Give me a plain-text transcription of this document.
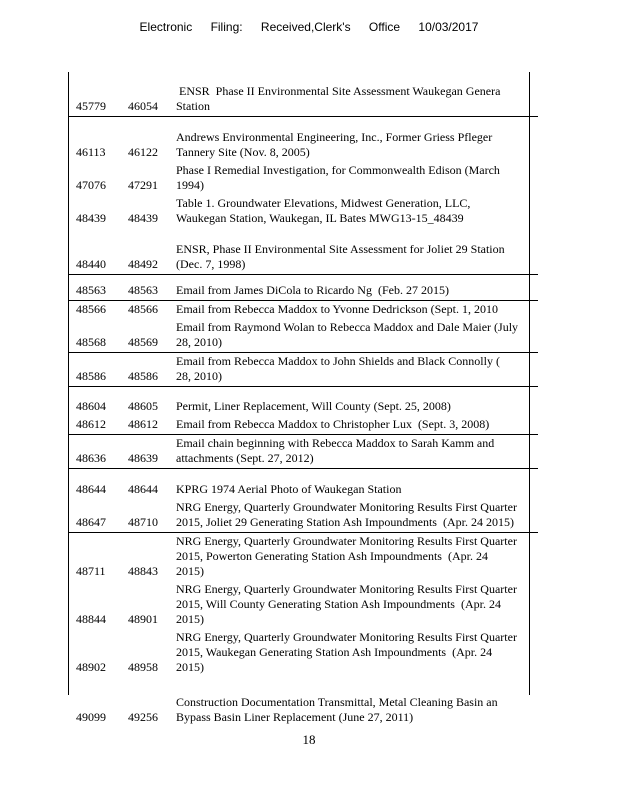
Electronic Filing: Received,Clerk's Office 10/03/2017
45779	46054	ENSR  Phase II Environmental Site Assessment Waukegan Genera
Station

46113	46122	Andrews Environmental Engineering, Inc., Former Griess Pfleger
Tannery Site (Nov. 8, 2005)

47076	47291	Phase I Remedial Investigation, for Commonwealth Edison (March
1994)

48439	48439	Table 1. Groundwater Elevations, Midwest Generation, LLC,
Waukegan Station, Waukegan, IL Bates MWG13-15_48439

48440	48492	ENSR, Phase II Environmental Site Assessment for Joliet 29 Station
(Dec. 7, 1998)

48563	48563	Email from James DiCola to Ricardo Ng  (Feb. 27 2015)

48566	48566	Email from Rebecca Maddox to Yvonne Dedrickson (Sept. 1, 2010

48568	48569	Email from Raymond Wolan to Rebecca Maddox and Dale Maier (July
28, 2010)

48586	48586	Email from Rebecca Maddox to John Shields and Black Connolly (
28, 2010)

48604	48605	Permit, Liner Replacement, Will County (Sept. 25, 2008)

48612	48612	Email from Rebecca Maddox to Christopher Lux  (Sept. 3, 2008)

48636	48639	Email chain beginning with Rebecca Maddox to Sarah Kamm and
attachments (Sept. 27, 2012)

48644	48644	KPRG 1974 Aerial Photo of Waukegan Station

48647	48710	NRG Energy, Quarterly Groundwater Monitoring Results First Quarter
2015, Joliet 29 Generating Station Ash Impoundments  (Apr. 24 2015)

48711	48843	NRG Energy, Quarterly Groundwater Monitoring Results First Quarter
2015, Powerton Generating Station Ash Impoundments  (Apr. 24
2015)

48844	48901	NRG Energy, Quarterly Groundwater Monitoring Results First Quarter
2015, Will County Generating Station Ash Impoundments  (Apr. 24
2015)

48902	48958	NRG Energy, Quarterly Groundwater Monitoring Results First Quarter
2015, Waukegan Generating Station Ash Impoundments  (Apr. 24
2015)

49099	49256	Construction Documentation Transmittal, Metal Cleaning Basin an
Bypass Basin Liner Replacement (June 27, 2011)
18
